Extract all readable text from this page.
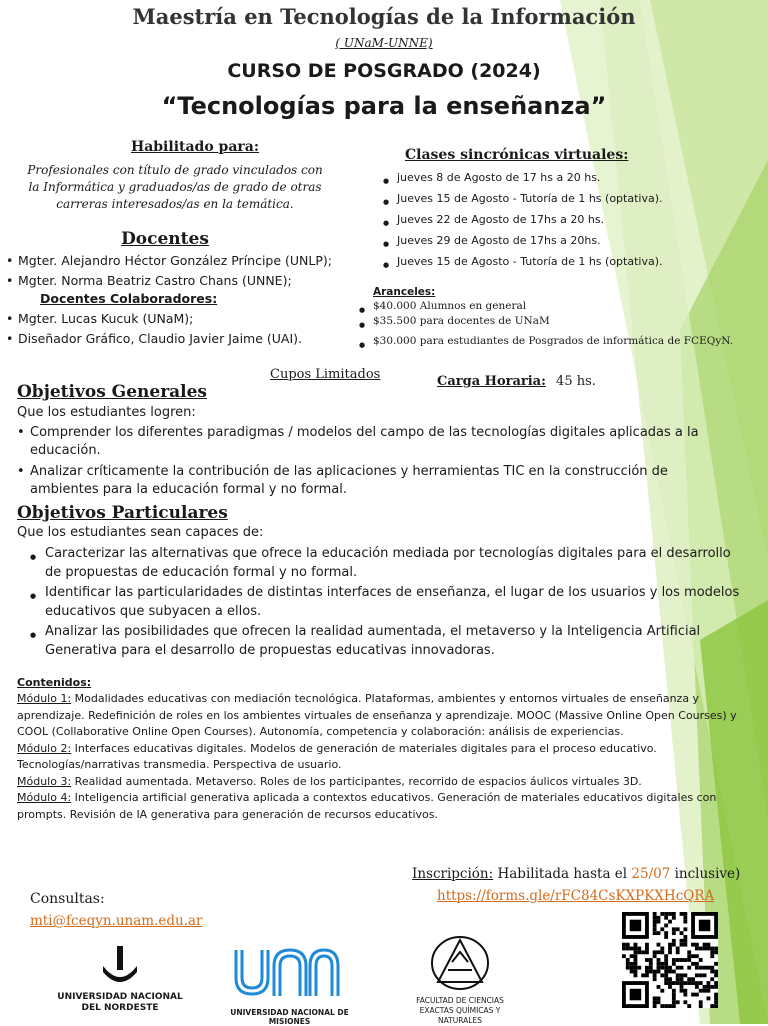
Maestría en Tecnologías de la Información
( UNaM-UNNE)
CURSO DE POSGRADO (2024)
“Tecnologías para la enseñanza”
Habilitado para:
Profesionales con título de grado vinculados con la Informática y graduados/as de grado de otras carreras interesados/as en la temática.
Docentes
• Mgter. Alejandro Héctor González Príncipe (UNLP);
• Mgter. Norma Beatriz Castro Chans (UNNE);
Docentes Colaboradores:
• Mgter. Lucas Kucuk (UNaM);
• Diseñador Gráfico, Claudio Javier Jaime (UAI).
Clases sincrónicas virtuales:
● jueves 8 de Agosto de 17 hs a 20 hs.
● Jueves 15 de Agosto - Tutoría de 1 hs (optativa).
● Jueves 22 de Agosto de 17hs a 20 hs.
● Jueves 29 de Agosto de 17hs a 20hs.
● Jueves 15 de Agosto - Tutoría de 1 hs (optativa).
Aranceles:
● $40.000 Alumnos en general
● $35.500 para docentes de UNaM
● $30.000 para estudiantes de Posgrados de informática de FCEQyN.
Cupos Limitados	Carga Horaria: 45 hs.
Objetivos Generales
Que los estudiantes logren:
• Comprender los diferentes paradigmas / modelos del campo de las tecnologías digitales aplicadas a la educación.
• Analizar críticamente la contribución de las aplicaciones y herramientas TIC en la construcción de ambientes para la educación formal y no formal.
Objetivos Particulares
Que los estudiantes sean capaces de:
● Caracterizar las alternativas que ofrece la educación mediada por tecnologías digitales para el desarrollo de propuestas de educación formal y no formal.
● Identificar las particularidades de distintas interfaces de enseñanza, el lugar de los usuarios y los modelos educativos que subyacen a ellos.
● Analizar las posibilidades que ofrecen la realidad aumentada, el metaverso y la Inteligencia Artificial Generativa para el desarrollo de propuestas educativas innovadoras.
Contenidos:
Módulo 1: Modalidades educativas con mediación tecnológica. Plataformas, ambientes y entornos virtuales de enseñanza y aprendizaje. Redefinición de roles en los ambientes virtuales de enseñanza y aprendizaje. MOOC (Massive Online Open Courses) y COOL (Collaborative Online Open Courses). Autonomía, competencia y colaboración: análisis de experiencias.
Módulo 2: Interfaces educativas digitales. Modelos de generación de materiales digitales para el proceso educativo. Tecnologías/narrativas transmedia. Perspectiva de usuario.
Módulo 3: Realidad aumentada. Metaverso. Roles de los participantes, recorrido de espacios áulicos virtuales 3D.
Módulo 4: Inteligencia artificial generativa aplicada a contextos educativos. Generación de materiales educativos digitales con prompts. Revisión de IA generativa para generación de recursos educativos.
Inscripción: Habilitada hasta el 25/07 inclusive)
https://forms.gle/rFC84CsKXPKXHcQRA
Consultas:
mti@fceqyn.unam.edu.ar
UNIVERSIDAD NACIONAL DEL NORDESTE	UNIVERSIDAD NACIONAL DE MISIONES
FACULTAD DE CIENCIAS EXACTAS QUÍMICAS Y NATURALES
